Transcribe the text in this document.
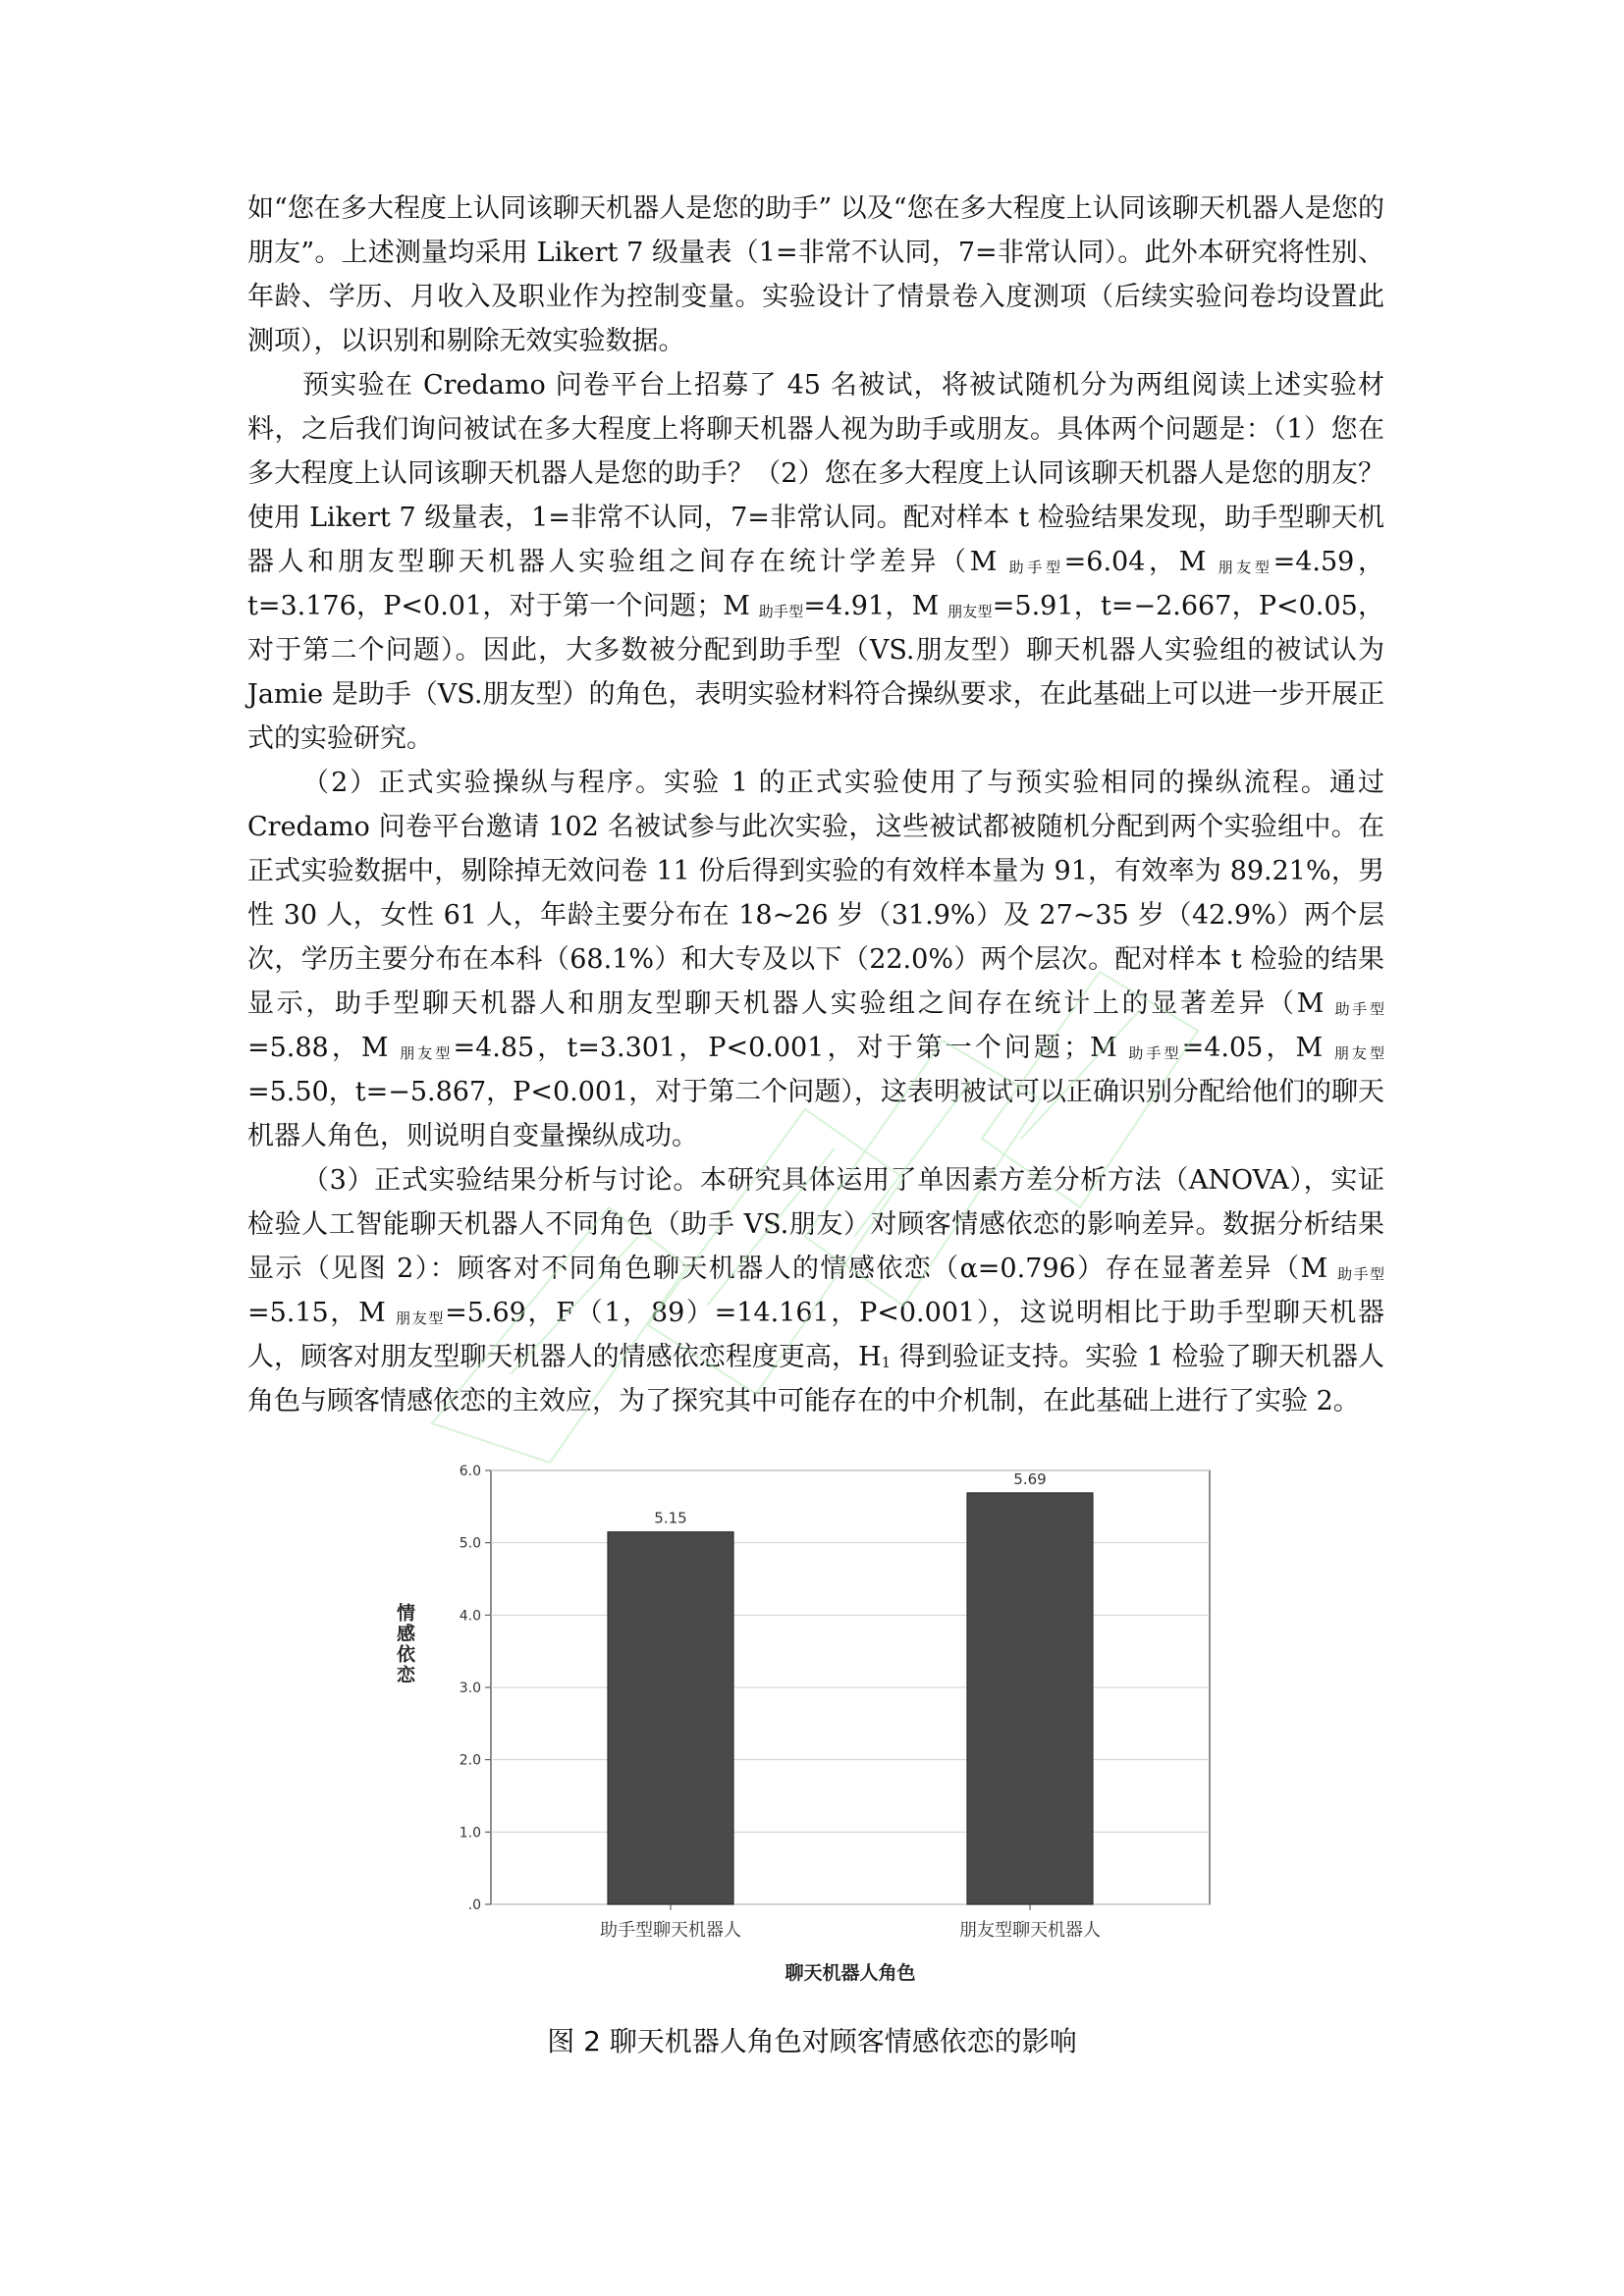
如“您在多大程度上认同该聊天机器人是您的助手” 以及“您在多大程度上认同该聊天机器人是您的朋友”。上述测量均采用 Likert 7 级量表（1=非常不认同，7=非常认同）。此外本研究将性别、年龄、学历、月收入及职业作为控制变量。实验设计了情景卷入度测项（后续实验问卷均设置此测项），以识别和剔除无效实验数据。

预实验在 Credamo 问卷平台上招募了 45 名被试，将被试随机分为两组阅读上述实验材料，之后我们询问被试在多大程度上将聊天机器人视为助手或朋友。具体两个问题是：（1）您在多大程度上认同该聊天机器人是您的助手？（2）您在多大程度上认同该聊天机器人是您的朋友？使用 Likert 7 级量表，1=非常不认同，7=非常认同。配对样本 t 检验结果发现，助手型聊天机器人和朋友型聊天机器人实验组之间存在统计学差异（M $_{助手型}$=6.04，M $_{朋友型}$=4.59，t=3.176，P<0.01，对于第一个问题；M $_{助手型}$=4.91，M $_{朋友型}$=5.91，t=−2.667，P<0.05，对于第二个问题）。因此，大多数被分配到助手型（VS.朋友型）聊天机器人实验组的被试认为 Jamie 是助手（VS.朋友型）的角色，表明实验材料符合操纵要求，在此基础上可以进一步开展正式的实验研究。

（2）正式实验操纵与程序。实验 1 的正式实验使用了与预实验相同的操纵流程。通过 Credamo 问卷平台邀请 102 名被试参与此次实验，这些被试都被随机分配到两个实验组中。在正式实验数据中，剔除掉无效问卷 11 份后得到实验的有效样本量为 91，有效率为 89.21%，男性 30 人，女性 61 人，年龄主要分布在 18~26 岁（31.9%）及 27~35 岁（42.9%）两个层次，学历主要分布在本科（68.1%）和大专及以下（22.0%）两个层次。配对样本 t 检验的结果显示，助手型聊天机器人和朋友型聊天机器人实验组之间存在统计上的显著差异（M $_{助手型}$=5.88，M $_{朋友型}$=4.85，t=3.301，P<0.001，对于第一个问题；M $_{助手型}$=4.05，M $_{朋友型}$=5.50，t=−5.867，P<0.001，对于第二个问题），这表明被试可以正确识别分配给他们的聊天机器人角色，则说明自变量操纵成功。

（3）正式实验结果分析与讨论。本研究具体运用了单因素方差分析方法（ANOVA），实证检验人工智能聊天机器人不同角色（助手 VS.朋友）对顾客情感依恋的影响差异。数据分析结果显示（见图 2）：顾客对不同角色聊天机器人的情感依恋（α=0.796）存在显著差异（M $_{助手型}$=5.15，M $_{朋友型}$=5.69，F（1，89）=14.161，P<0.001），这说明相比于助手型聊天机器人，顾客对朋友型聊天机器人的情感依恋程度更高，$H_1$ 得到验证支持。实验 1 检验了聊天机器人角色与顾客情感依恋的主效应，为了探究其中可能存在的中介机制，在此基础上进行了实验 2。

.0
1.0
2.0
3.0
4.0
5.0
6.0
5.15
助手型聊天机器人
5.69
朋友型聊天机器人
聊天机器人角色
情感依恋
图 2 聊天机器人角色对顾客情感依恋的影响
